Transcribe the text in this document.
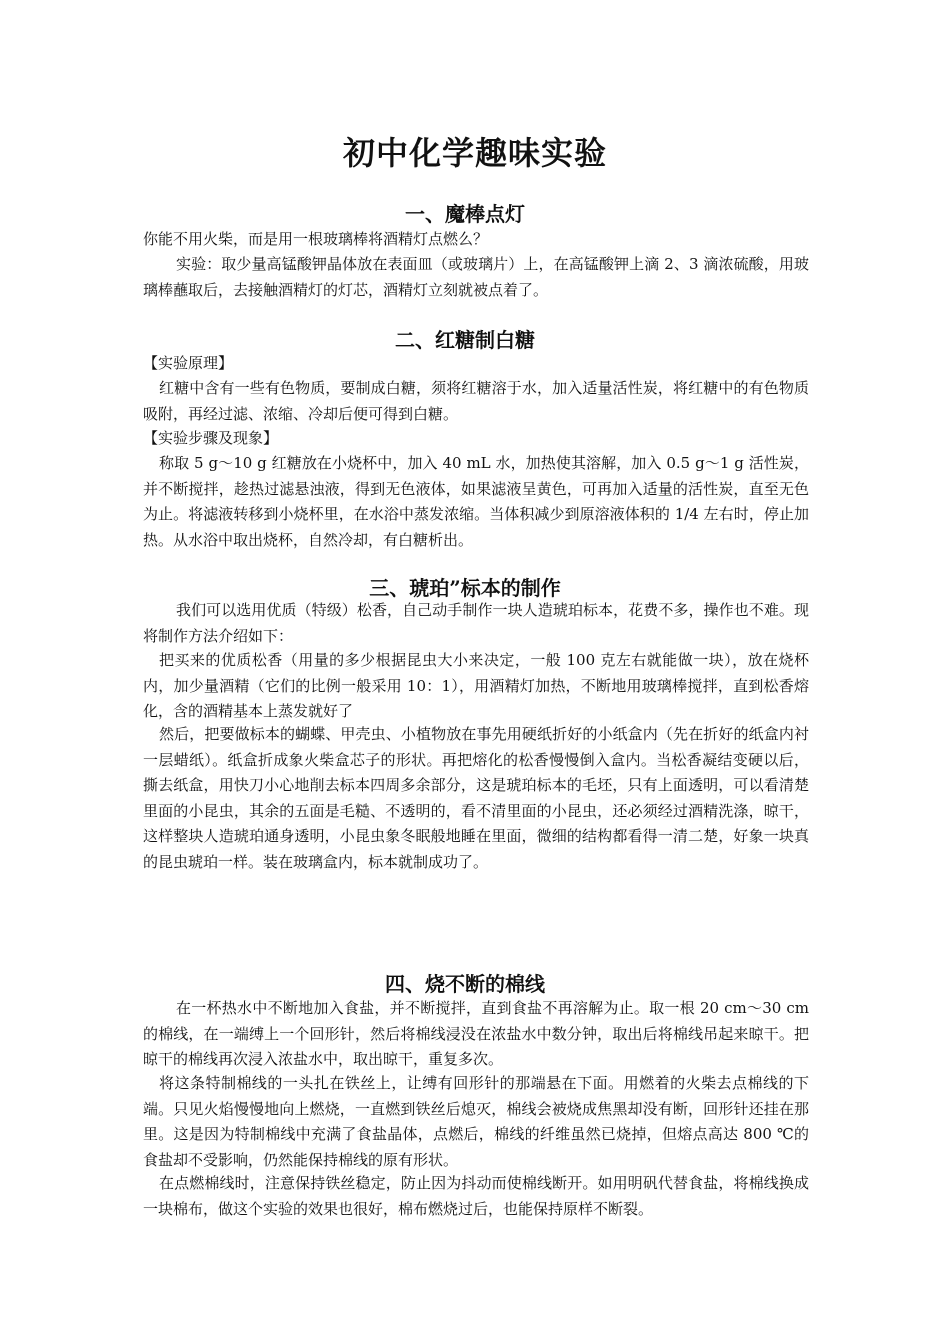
初中化学趣味实验
一、魔棒点灯

你能不用火柴，而是用一根玻璃棒将酒精灯点燃么？

实验：取少量高锰酸钾晶体放在表面皿（或玻璃片）上，在高锰酸钾上滴 2、3 滴浓硫酸，用玻璃棒蘸取后，去接触酒精灯的灯芯，酒精灯立刻就被点着了。

二、红糖制白糖

【实验原理】

红糖中含有一些有色物质，要制成白糖，须将红糖溶于水，加入适量活性炭，将红糖中的有色物质吸附，再经过滤、浓缩、冷却后便可得到白糖。

【实验步骤及现象】

称取 5 g～10 g 红糖放在小烧杯中，加入 40 mL 水，加热使其溶解，加入 0.5 g～1 g 活性炭，并不断搅拌，趁热过滤悬浊液，得到无色液体，如果滤液呈黄色，可再加入适量的活性炭，直至无色为止。将滤液转移到小烧杯里，在水浴中蒸发浓缩。当体积减少到原溶液体积的 1/4 左右时，停止加热。从水浴中取出烧杯，自然冷却，有白糖析出。

三、琥珀”标本的制作

我们可以选用优质（特级）松香，自己动手制作一块人造琥珀标本，花费不多，操作也不难。现将制作方法介绍如下：

把买来的优质松香（用量的多少根据昆虫大小来决定，一般 100 克左右就能做一块），放在烧杯内，加少量酒精（它们的比例一般采用 10：1），用酒精灯加热，不断地用玻璃棒搅拌，直到松香熔化，含的酒精基本上蒸发就好了

然后，把要做标本的蝴蝶、甲壳虫、小植物放在事先用硬纸折好的小纸盒内（先在折好的纸盒内衬一层蜡纸）。纸盒折成象火柴盒芯子的形状。再把熔化的松香慢慢倒入盒内。当松香凝结变硬以后，撕去纸盒，用快刀小心地削去标本四周多余部分，这是琥珀标本的毛坯，只有上面透明，可以看清楚里面的小昆虫，其余的五面是毛糙、不透明的，看不清里面的小昆虫，还必须经过酒精洗涤，晾干，这样整块人造琥珀通身透明，小昆虫象冬眠般地睡在里面，微细的结构都看得一清二楚，好象一块真的昆虫琥珀一样。装在玻璃盒内，标本就制成功了。

四、烧不断的棉线

在一杯热水中不断地加入食盐，并不断搅拌，直到食盐不再溶解为止。取一根 20 cm～30 cm 的棉线，在一端缚上一个回形针，然后将棉线浸没在浓盐水中数分钟，取出后将棉线吊起来晾干。把晾干的棉线再次浸入浓盐水中，取出晾干，重复多次。

将这条特制棉线的一头扎在铁丝上，让缚有回形针的那端悬在下面。用燃着的火柴去点棉线的下端。只见火焰慢慢地向上燃烧，一直燃到铁丝后熄灭，棉线会被烧成焦黑却没有断，回形针还挂在那里。这是因为特制棉线中充满了食盐晶体，点燃后，棉线的纤维虽然已烧掉，但熔点高达 800 ℃的食盐却不受影响，仍然能保持棉线的原有形状。

在点燃棉线时，注意保持铁丝稳定，防止因为抖动而使棉线断开。如用明矾代替食盐，将棉线换成一块棉布，做这个实验的效果也很好，棉布燃烧过后，也能保持原样不断裂。
